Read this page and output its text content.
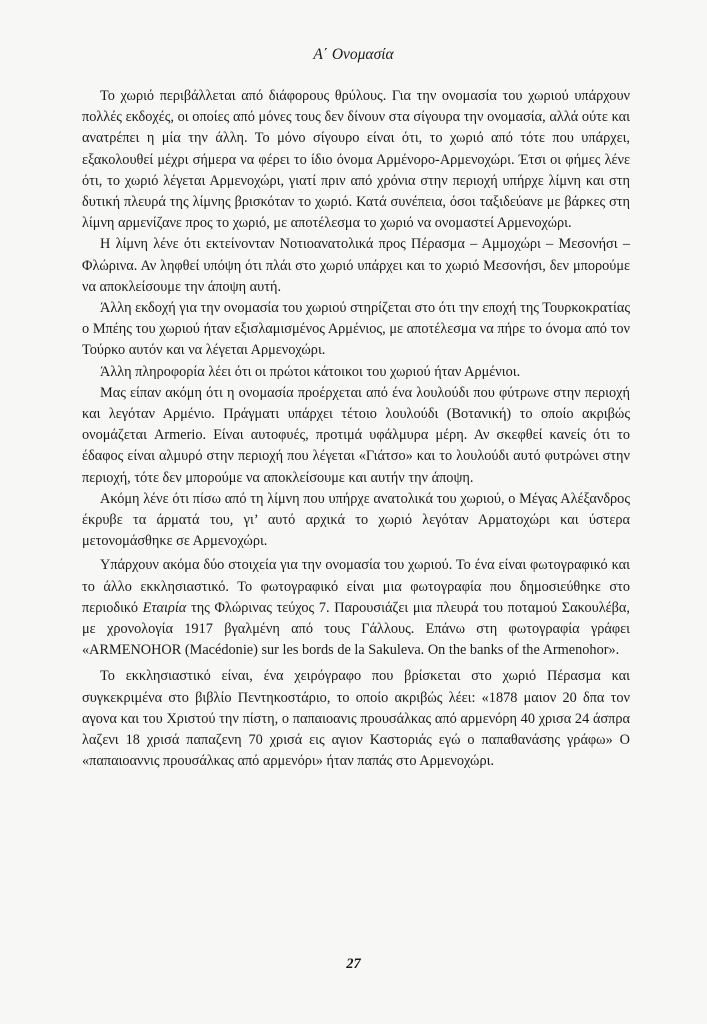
Α΄ Ονομασία

Το χωριό περιβάλλεται από διάφορους θρύλους. Για την ονομασία του χωριού υπάρχουν πολλές εκδοχές, οι οποίες από μόνες τους δεν δίνουν στα σίγουρα την ονομασία, αλλά ούτε και ανατρέπει η μία την άλλη. Το μόνο σίγουρο είναι ότι, το χωριό από τότε που υπάρχει, εξακολουθεί μέχρι σήμερα να φέρει το ίδιο όνομα Αρμένορο-Αρμενοχώρι. Έτσι οι φήμες λένε ότι, το χωριό λέγεται Αρμενοχώρι, γιατί πριν από χρόνια στην περιοχή υπήρχε λίμνη και στη δυτική πλευρά της λίμνης βρισκόταν το χωριό. Κατά συνέπεια, όσοι ταξιδεύανε με βάρκες στη λίμνη αρμενίζανε προς το χωριό, με αποτέλεσμα το χωριό να ονομαστεί Αρμενοχώρι.

Η λίμνη λένε ότι εκτείνονταν Νοτιοανατολικά προς Πέρασμα – Αμμοχώρι – Μεσονήσι – Φλώρινα. Αν ληφθεί υπόψη ότι πλάι στο χωριό υπάρχει και το χωριό Μεσονήσι, δεν μπορούμε να αποκλείσουμε την άποψη αυτή.

Άλλη εκδοχή για την ονομασία του χωριού στηρίζεται στο ότι την εποχή της Τουρκοκρατίας ο Μπέης του χωριού ήταν εξισλαμισμένος Αρμένιος, με αποτέλεσμα να πήρε το όνομα από τον Τούρκο αυτόν και να λέγεται Αρμενοχώρι.

Άλλη πληροφορία λέει ότι οι πρώτοι κάτοικοι του χωριού ήταν Αρμένιοι.

Μας είπαν ακόμη ότι η ονομασία προέρχεται από ένα λουλούδι που φύτρωνε στην περιοχή και λεγόταν Αρμένιο. Πράγματι υπάρχει τέτοιο λουλούδι (Βοτανική) το οποίο ακριβώς ονομάζεται Armerio. Είναι αυτοφυές, προτιμά υφάλμυρα μέρη. Αν σκεφθεί κανείς ότι το έδαφος είναι αλμυρό στην περιοχή που λέγεται «Γιάτσο» και το λουλούδι αυτό φυτρώνει στην περιοχή, τότε δεν μπορούμε να αποκλείσουμε και αυτήν την άποψη.

Ακόμη λένε ότι πίσω από τη λίμνη που υπήρχε ανατολικά του χωριού, ο Μέγας Αλέξανδρος έκρυβε τα άρματά του, γι’ αυτό αρχικά το χωριό λεγόταν Αρματοχώρι και ύστερα μετονομάσθηκε σε Αρμενοχώρι.

Υπάρχουν ακόμα δύο στοιχεία για την ονομασία του χωριού. Το ένα είναι φωτογραφικό και το άλλο εκκλησιαστικό. Το φωτογραφικό είναι μια φωτογραφία που δημοσιεύθηκε στο περιοδικό Εταιρία της Φλώρινας τεύχος 7. Παρουσιάζει μια πλευρά του ποταμού Σακουλέβα, με χρονολογία 1917 βγαλμένη από τους Γάλλους. Επάνω στη φωτογραφία γράφει «ARMENOHOR (Macédonie) sur les bords de la Sakuleva. On the banks of the Armenohor».

Το εκκλησιαστικό είναι, ένα χειρόγραφο που βρίσκεται στο χωριό Πέρασμα και συγκεκριμένα στο βιβλίο Πεντηκοστάριο, το οποίο ακριβώς λέει: «1878 μαιον 20 δπα τον αγονα και του Χριστού την πίστη, ο παπαιοανις προυσάλκας από αρμενόρη 40 χρισα 24 άσπρα λαζενι 18 χρισά παπαζενη 70 χρισά εις αγιον Καστοριάς εγώ ο παπαθανάσης γράφω» Ο «παπαιοαννις προυσάλκας από αρμενόρι» ήταν παπάς στο Αρμενοχώρι.

27
